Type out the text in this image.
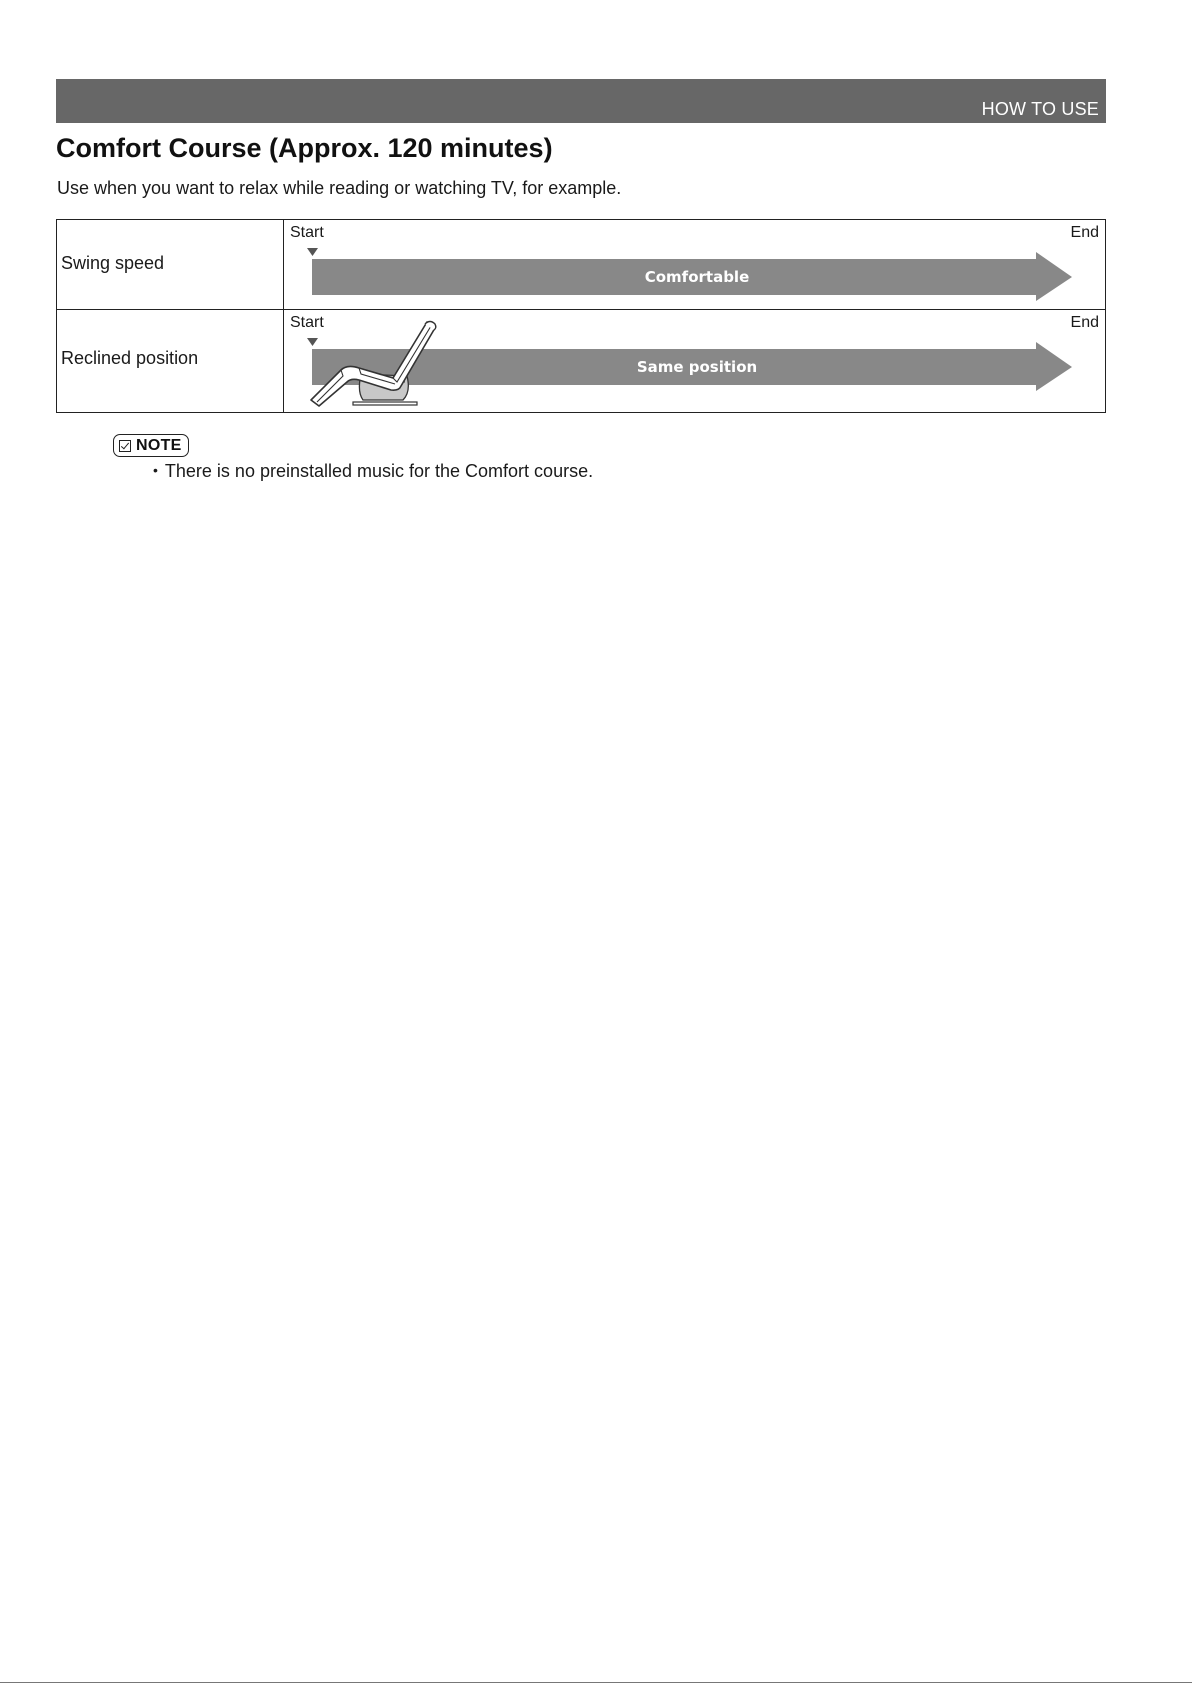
HOW TO USE
Comfort Course (Approx. 120 minutes)

Use when you want to relax while reading or watching TV, for example.

Swing speed
Start	End
Comfortable
Reclined position
Start	End
Same position
NOTE
• There is no preinstalled music for the Comfort course.
